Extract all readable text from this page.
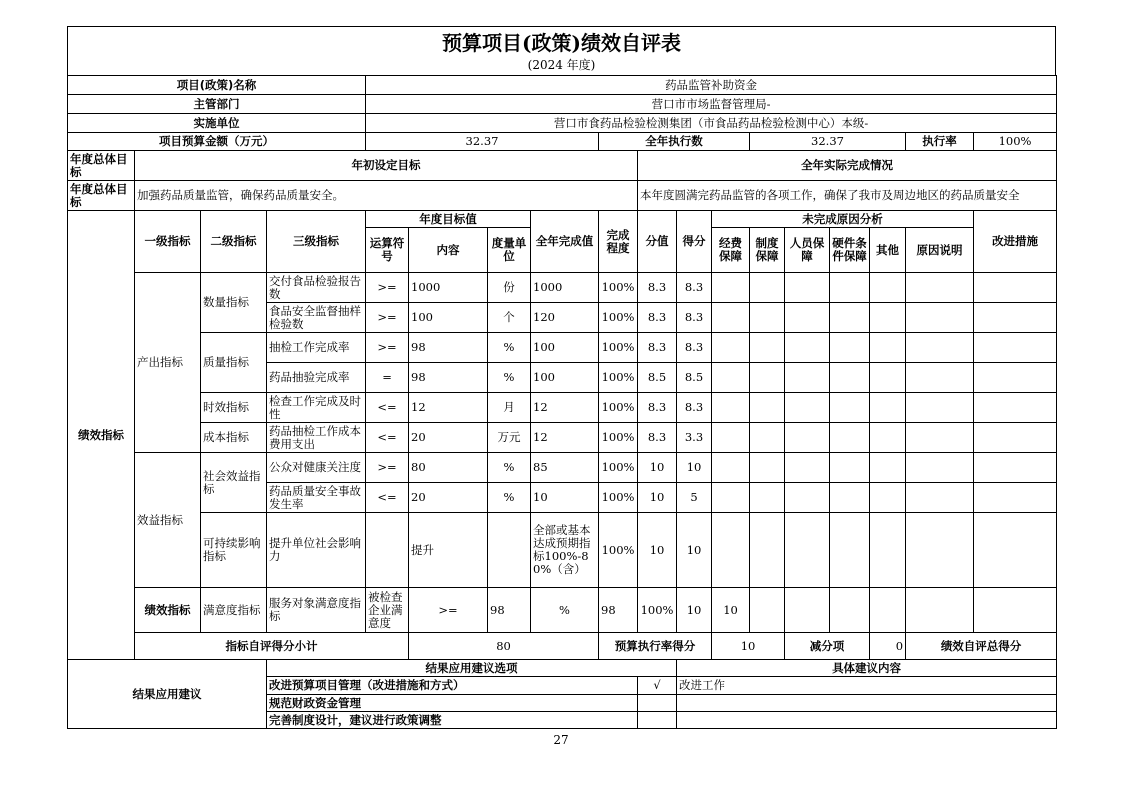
预算项目(政策)绩效自评表
(2024 年度)
项目(政策)名称				药品监管补助资金														
主管部门				营口市市场监督管理局-														
实施单位				营口市食药品检验检测集团（市食品药品检验检测中心）本级-														
项目预算金额（万元）				32.37				全年执行数				32.37				执行率	100%	
年度总体目标	年初设定目标								全年实际完成情况									
年度总体目标	加强药品质量监管，确保药品质量安全。								本年度圆满完药品监管的各项工作，确保了我市及周边地区的药品质量安全									
绩效指标	一级指标	二级指标	三级指标	年度目标值			全年完成值	完成程度	分值	得分	未完成原因分析						改进措施	
				运算符号	内容	度量单位					经费保障	制度保障	人员保障	硬件条件保障	其他	原因说明		
	产出指标	数量指标	交付食品检验报告数	>=	1000	份	1000	100%	8.3	8.3								
			食品安全监督抽样检验数	>=	100	个	120	100%	8.3	8.3								
		质量指标	抽检工作完成率	>=	98	%	100	100%	8.3	8.3								
			药品抽验完成率	=	98	%	100	100%	8.5	8.5								
		时效指标	检查工作完成及时性	<=	12	月	12	100%	8.3	8.3								
		成本指标	药品抽检工作成本费用支出	<=	20	万元	12	100%	8.3	3.3								
	效益指标	社会效益指标	公众对健康关注度	>=	80	%	85	100%	10	10								
			药品质量安全事故发生率	<=	20	%	10	100%	10	5								
		可持续影响指标	提升单位社会影响力		提升		全部或基本达成预期指标100%-80%（含）	100%	10	10								
	绩效指标	满意度指标	服务对象满意度指标	被检查企业满意度	>=	98	%	98	100%	10	10							
	指标自评得分小计				80			预算执行率得分			10		减分项		0	绩效自评总得分	
结果应用建议			结果应用建议选项							具体建议内容								
			改进预算项目管理（改进措施和方式）						√	改进工作								
			规范财政资金管理															
			完善制度设计，建议进行政策调整															
27
